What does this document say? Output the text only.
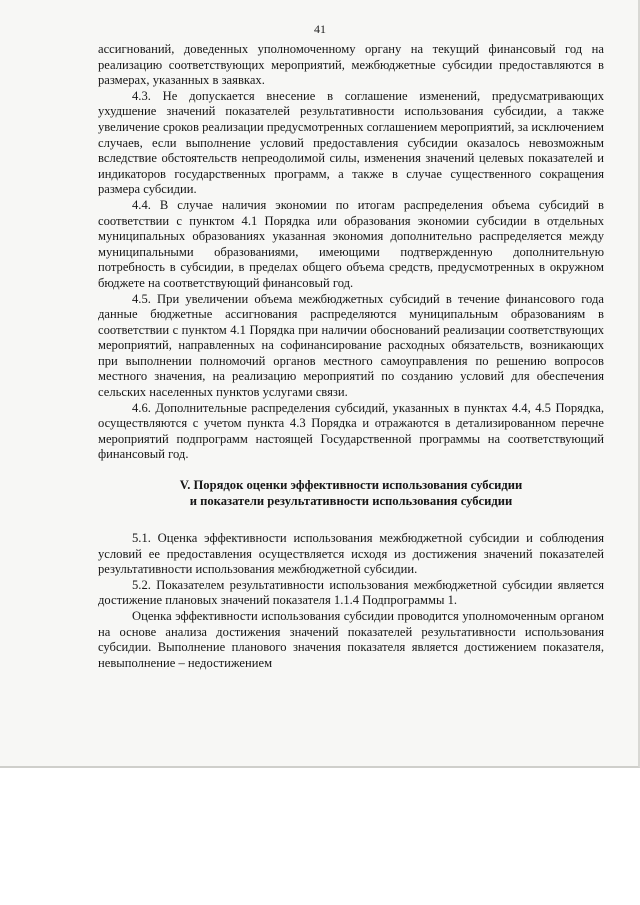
41

ассигнований, доведенных уполномоченному органу на текущий финансовый год на реализацию соответствующих мероприятий, межбюджетные субсидии предоставляются в размерах, указанных в заявках.

4.3. Не допускается внесение в соглашение изменений, предусматривающих ухудшение значений показателей результативности использования субсидии, а также увеличение сроков реализации предусмотренных соглашением мероприятий, за исключением случаев, если выполнение условий предоставления субсидии оказалось невозможным вследствие обстоятельств непреодолимой силы, изменения значений целевых показателей и индикаторов государственных программ, а также в случае существенного сокращения размера субсидии.

4.4. В случае наличия экономии по итогам распределения объема субсидий в соответствии с пунктом 4.1 Порядка или образования экономии субсидии в отдельных муниципальных образованиях указанная экономия дополнительно распределяется между муниципальными образованиями, имеющими подтвержденную дополнительную потребность в субсидии, в пределах общего объема средств, предусмотренных в окружном бюджете на соответствующий финансовый год.

4.5. При увеличении объема межбюджетных субсидий в течение финансового года данные бюджетные ассигнования распределяются муниципальным образованиям в соответствии с пунктом 4.1 Порядка при наличии обоснований реализации соответствующих мероприятий, направленных на софинансирование расходных обязательств, возникающих при выполнении полномочий органов местного самоуправления по решению вопросов местного значения, на реализацию мероприятий по созданию условий для обеспечения сельских населенных пунктов услугами связи.

4.6. Дополнительные распределения субсидий, указанных в пунктах 4.4, 4.5 Порядка, осуществляются с учетом пункта 4.3 Порядка и отражаются в детализированном перечне мероприятий подпрограмм настоящей Государственной программы на соответствующий финансовый год.

V. Порядок оценки эффективности использования субсидии
и показатели результативности использования субсидии

5.1. Оценка эффективности использования межбюджетной субсидии и соблюдения условий ее предоставления осуществляется исходя из достижения значений показателей результативности использования межбюджетной субсидии.

5.2. Показателем результативности использования межбюджетной субсидии является достижение плановых значений показателя 1.1.4 Подпрограммы 1.

Оценка эффективности использования субсидии проводится уполномоченным органом на основе анализа достижения значений показателей результативности использования субсидии. Выполнение планового значения показателя является достижением показателя, невыполнение – недостижением
